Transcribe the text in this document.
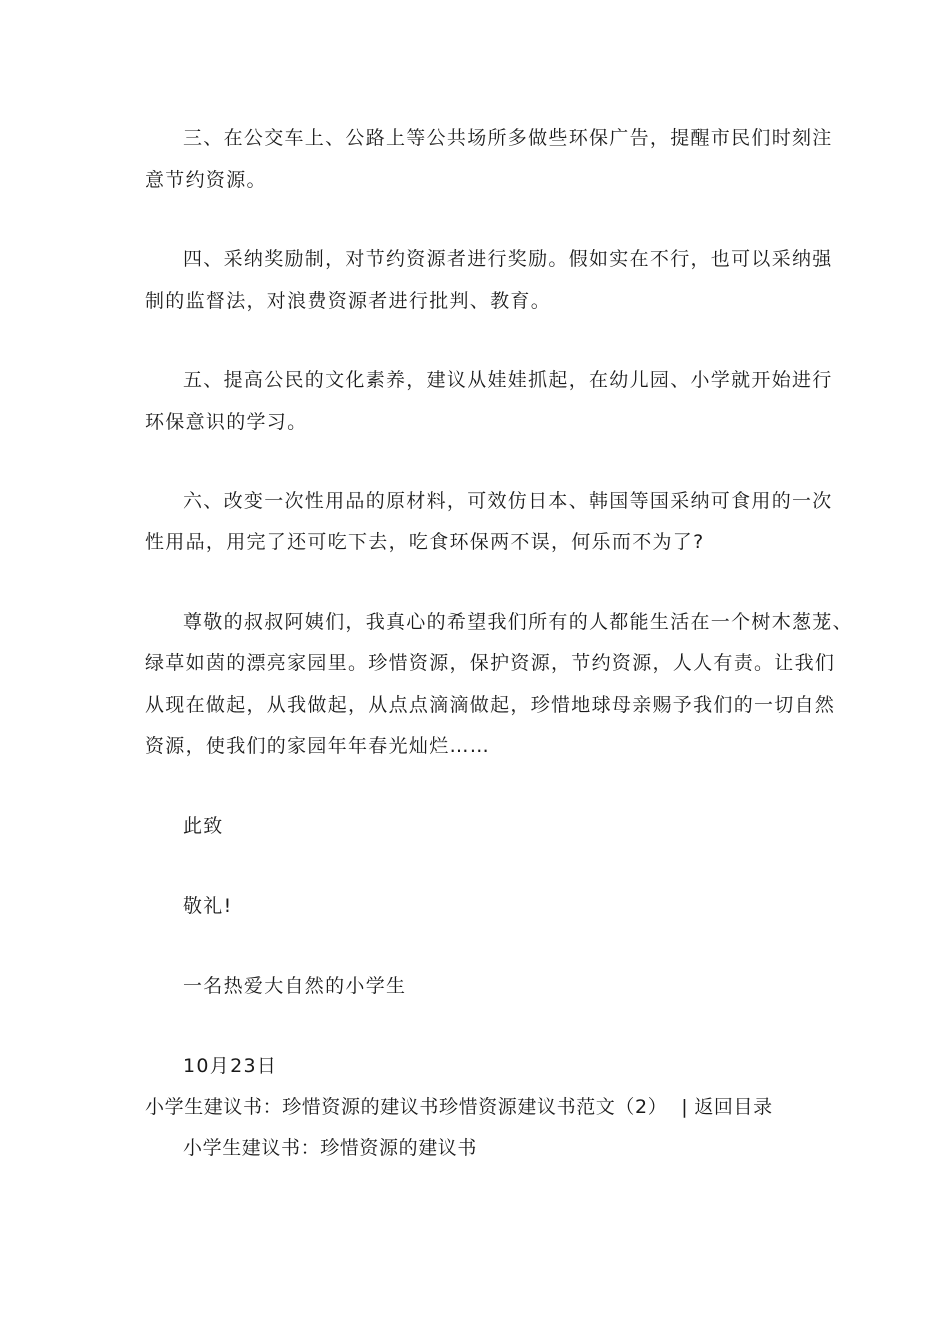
三、在公交车上、公路上等公共场所多做些环保广告，提醒市民们时刻注
意节约资源。
四、采纳奖励制，对节约资源者进行奖励。假如实在不行，也可以采纳强
制的监督法，对浪费资源者进行批判、教育。
五、提高公民的文化素养，建议从娃娃抓起，在幼儿园、小学就开始进行
环保意识的学习。
六、改变一次性用品的原材料，可效仿日本、韩国等国采纳可食用的一次
性用品，用完了还可吃下去，吃食环保两不误，何乐而不为了?
尊敬的叔叔阿姨们，我真心的希望我们所有的人都能生活在一个树木葱茏、
绿草如茵的漂亮家园里。珍惜资源，保护资源，节约资源，人人有责。让我们
从现在做起，从我做起，从点点滴滴做起，珍惜地球母亲赐予我们的一切自然
资源，使我们的家园年年春光灿烂……
此致
敬礼!
一名热爱大自然的小学生
10月23日
小学生建议书：珍惜资源的建议书珍惜资源建议书范文（2） | 返回目录
小学生建议书：珍惜资源的建议书
